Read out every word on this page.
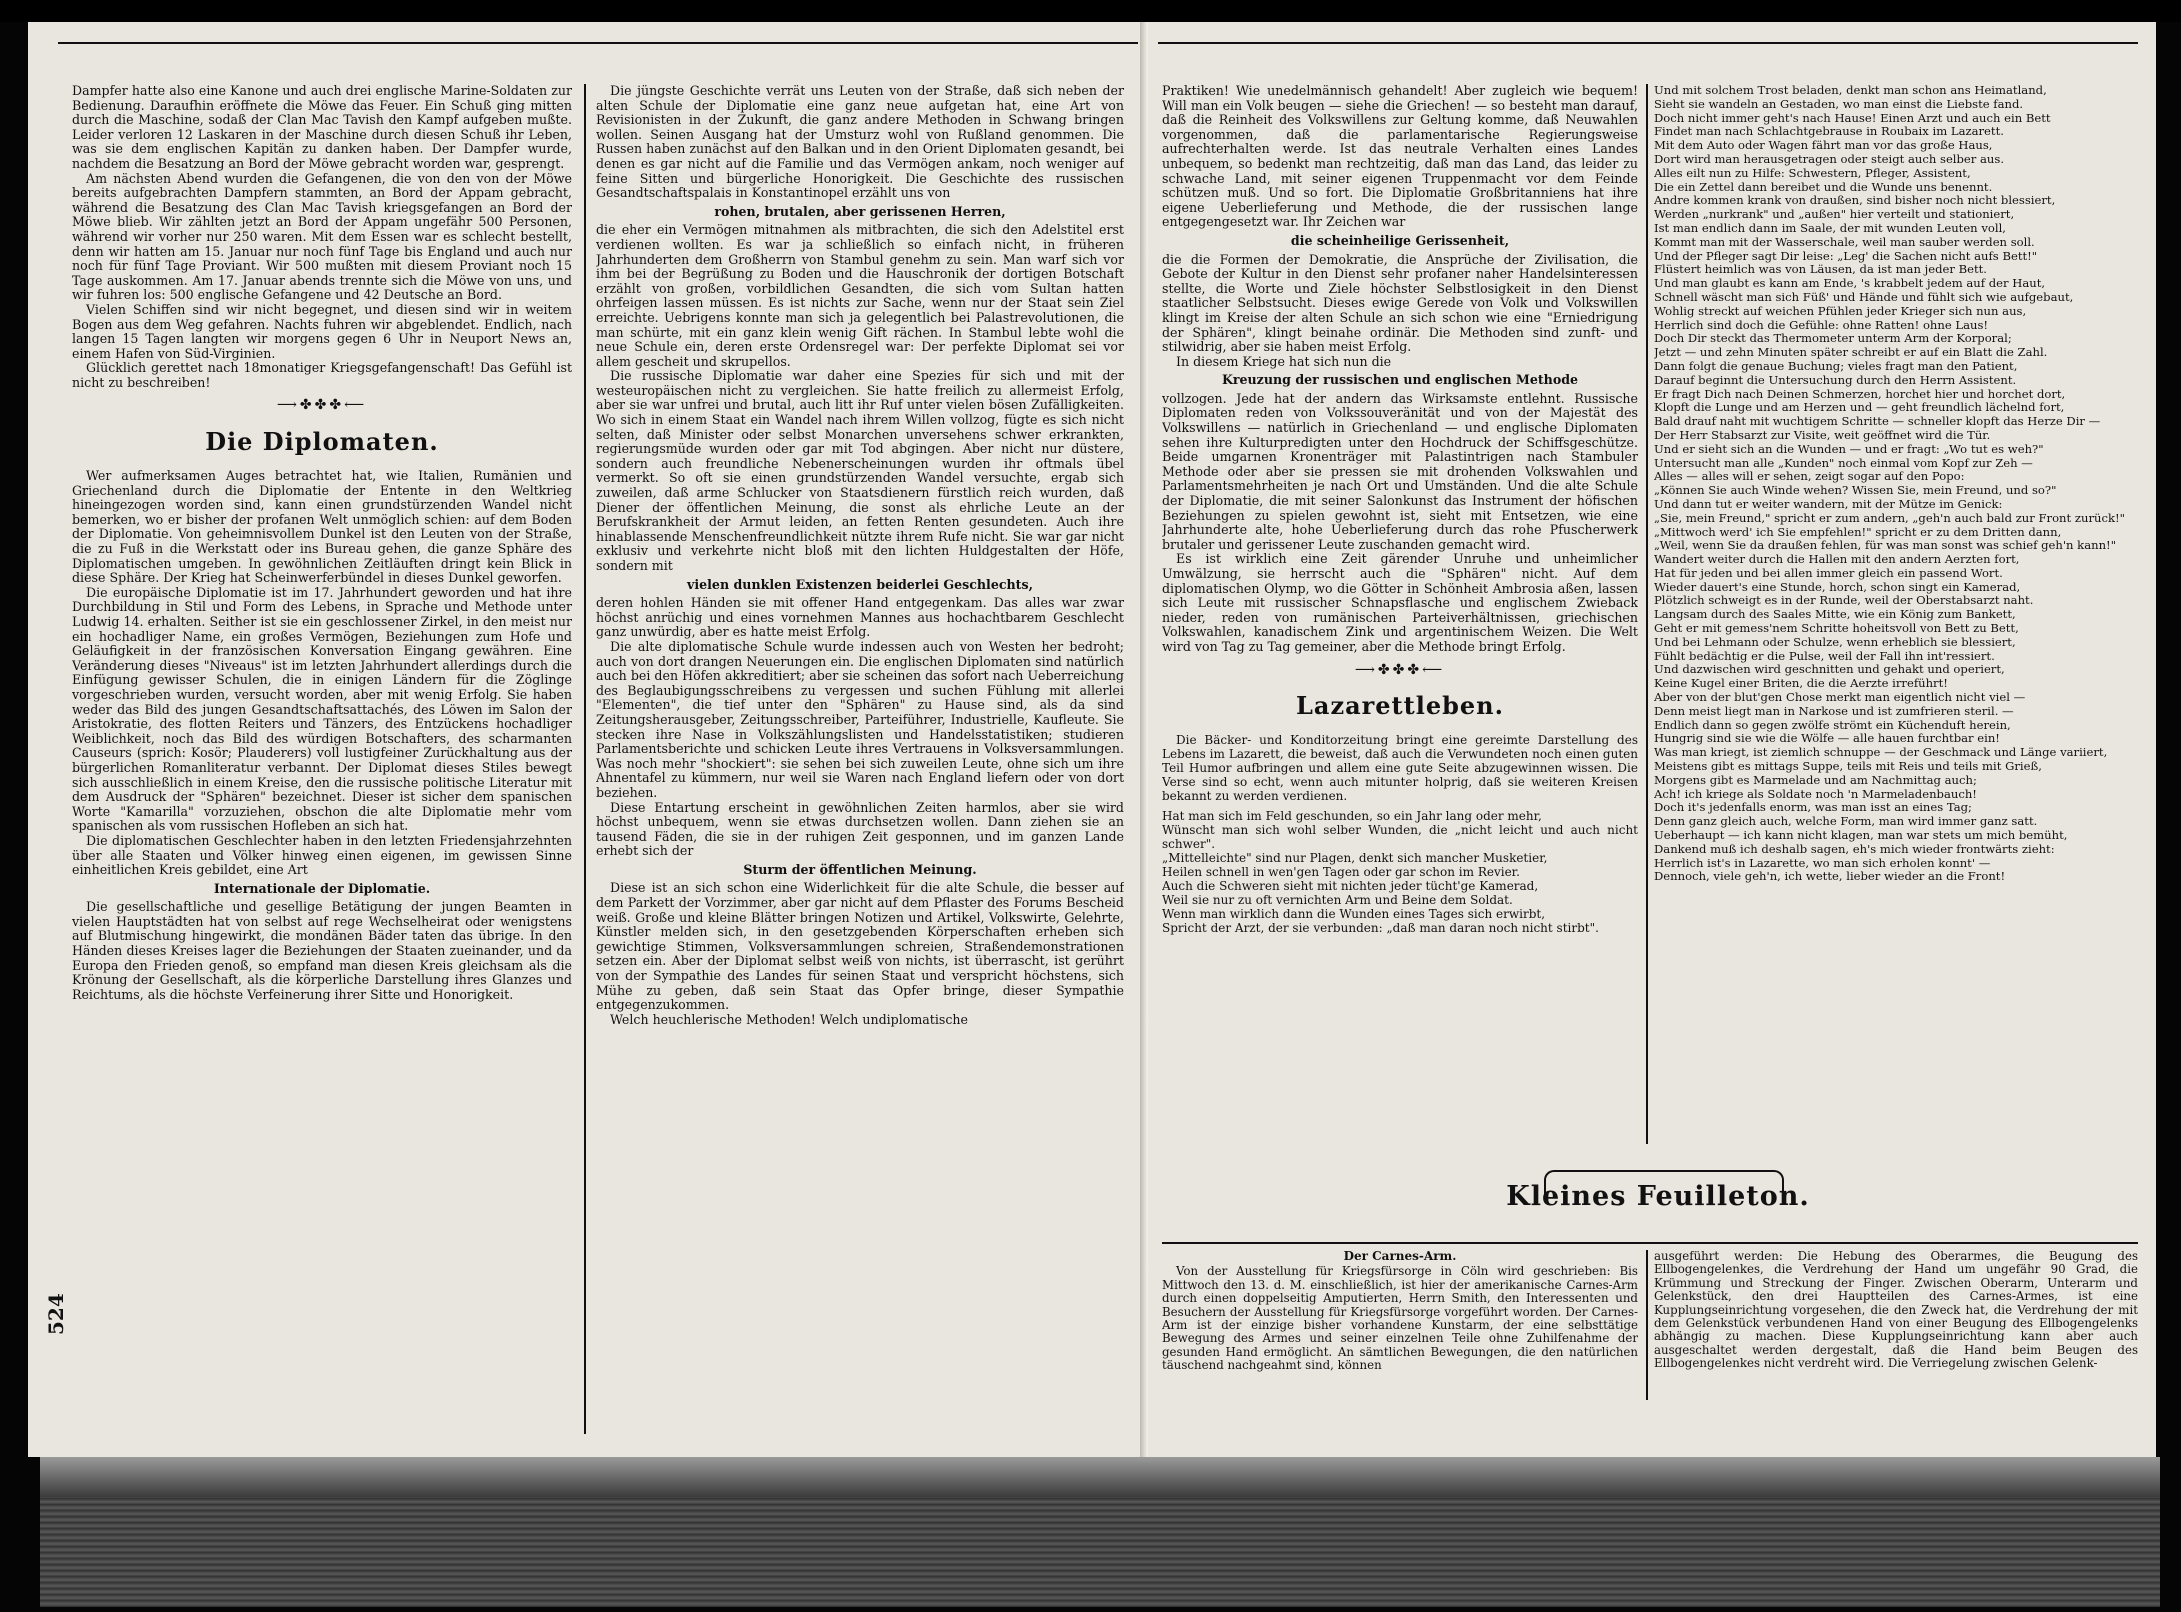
Dampfer hatte also eine Kanone und auch drei englische Marine-Soldaten zur Bedienung. Daraufhin eröffnete die Möwe das Feuer. Ein Schuß ging mitten durch die Maschine, sodaß der Clan Mac Tavish den Kampf aufgeben mußte. Leider verloren 12 Laskaren in der Maschine durch diesen Schuß ihr Leben, was sie dem englischen Kapitän zu danken haben. Der Dampfer wurde, nachdem die Besatzung an Bord der Möwe gebracht worden war, gesprengt.

Am nächsten Abend wurden die Gefangenen, die von den von der Möwe bereits aufgebrachten Dampfern stammten, an Bord der Appam gebracht, während die Besatzung des Clan Mac Tavish kriegsgefangen an Bord der Möwe blieb. Wir zählten jetzt an Bord der Appam ungefähr 500 Personen, während wir vorher nur 250 waren. Mit dem Essen war es schlecht bestellt, denn wir hatten am 15. Januar nur noch fünf Tage bis England und auch nur noch für fünf Tage Proviant. Wir 500 mußten mit diesem Proviant noch 15 Tage auskommen. Am 17. Januar abends trennte sich die Möwe von uns, und wir fuhren los: 500 englische Gefangene und 42 Deutsche an Bord.

Vielen Schiffen sind wir nicht begegnet, und diesen sind wir in weitem Bogen aus dem Weg gefahren. Nachts fuhren wir abgeblendet. Endlich, nach langen 15 Tagen langten wir morgens gegen 6 Uhr in Neuport News an, einem Hafen von Süd-Virginien.

Glücklich gerettet nach 18monatiger Kriegsgefangenschaft! Das Gefühl ist nicht zu beschreiben!

⟶✤✤✤⟵
Die Diplomaten.

Wer aufmerksamen Auges betrachtet hat, wie Italien, Rumänien und Griechenland durch die Diplomatie der Entente in den Weltkrieg hineingezogen worden sind, kann einen grundstürzenden Wandel nicht bemerken, wo er bisher der profanen Welt unmöglich schien: auf dem Boden der Diplomatie. Von geheimnisvollem Dunkel ist den Leuten von der Straße, die zu Fuß in die Werkstatt oder ins Bureau gehen, die ganze Sphäre des Diplomatischen umgeben. In gewöhnlichen Zeitläuften dringt kein Blick in diese Sphäre. Der Krieg hat Scheinwerferbündel in dieses Dunkel geworfen.

Die europäische Diplomatie ist im 17. Jahrhundert geworden und hat ihre Durchbildung in Stil und Form des Lebens, in Sprache und Methode unter Ludwig 14. erhalten. Seither ist sie ein geschlossener Zirkel, in den meist nur ein hochadliger Name, ein großes Vermögen, Beziehungen zum Hofe und Geläufigkeit in der französischen Konversation Eingang gewähren. Eine Veränderung dieses "Niveaus" ist im letzten Jahrhundert allerdings durch die Einfügung gewisser Schulen, die in einigen Ländern für die Zöglinge vorgeschrieben wurden, versucht worden, aber mit wenig Erfolg. Sie haben weder das Bild des jungen Gesandtschaftsattachés, des Löwen im Salon der Aristokratie, des flotten Reiters und Tänzers, des Entzückens hochadliger Weiblichkeit, noch das Bild des würdigen Botschafters, des scharmanten Causeurs (sprich: Kosör; Plauderers) voll lustigfeiner Zurückhaltung aus der bürgerlichen Romanliteratur verbannt. Der Diplomat dieses Stiles bewegt sich ausschließlich in einem Kreise, den die russische politische Literatur mit dem Ausdruck der "Sphären" bezeichnet. Dieser ist sicher dem spanischen Worte "Kamarilla" vorzuziehen, obschon die alte Diplomatie mehr vom spanischen als vom russischen Hofleben an sich hat.

Die diplomatischen Geschlechter haben in den letzten Friedensjahrzehnten über alle Staaten und Völker hinweg einen eigenen, im gewissen Sinne einheitlichen Kreis gebildet, eine Art

Internationale der Diplomatie.

Die gesellschaftliche und gesellige Betätigung der jungen Beamten in vielen Hauptstädten hat von selbst auf rege Wechselheirat oder wenigstens auf Blutmischung hingewirkt, die mondänen Bäder taten das übrige. In den Händen dieses Kreises lager die Beziehungen der Staaten zueinander, und da Europa den Frieden genoß, so empfand man diesen Kreis gleichsam als die Krönung der Gesellschaft, als die körperliche Darstellung ihres Glanzes und Reichtums, als die höchste Verfeinerung ihrer Sitte und Honorigkeit.

Die jüngste Geschichte verrät uns Leuten von der Straße, daß sich neben der alten Schule der Diplomatie eine ganz neue aufgetan hat, eine Art von Revisionisten in der Zukunft, die ganz andere Methoden in Schwang bringen wollen. Seinen Ausgang hat der Umsturz wohl von Rußland genommen. Die Russen haben zunächst auf den Balkan und in den Orient Diplomaten gesandt, bei denen es gar nicht auf die Familie und das Vermögen ankam, noch weniger auf feine Sitten und bürgerliche Honorigkeit. Die Geschichte des russischen Gesandtschaftspalais in Konstantinopel erzählt uns von

rohen, brutalen, aber gerissenen Herren,

die eher ein Vermögen mitnahmen als mitbrachten, die sich den Adelstitel erst verdienen wollten. Es war ja schließlich so einfach nicht, in früheren Jahrhunderten dem Großherrn von Stambul genehm zu sein. Man warf sich vor ihm bei der Begrüßung zu Boden und die Hauschronik der dortigen Botschaft erzählt von großen, vorbildlichen Gesandten, die sich vom Sultan hatten ohrfeigen lassen müssen. Es ist nichts zur Sache, wenn nur der Staat sein Ziel erreichte. Uebrigens konnte man sich ja gelegentlich bei Palastrevolutionen, die man schürte, mit ein ganz klein wenig Gift rächen. In Stambul lebte wohl die neue Schule ein, deren erste Ordensregel war: Der perfekte Diplomat sei vor allem gescheit und skrupellos.

Die russische Diplomatie war daher eine Spezies für sich und mit der westeuropäischen nicht zu vergleichen. Sie hatte freilich zu allermeist Erfolg, aber sie war unfrei und brutal, auch litt ihr Ruf unter vielen bösen Zufälligkeiten. Wo sich in einem Staat ein Wandel nach ihrem Willen vollzog, fügte es sich nicht selten, daß Minister oder selbst Monarchen unversehens schwer erkrankten, regierungsmüde wurden oder gar mit Tod abgingen. Aber nicht nur düstere, sondern auch freundliche Nebenerscheinungen wurden ihr oftmals übel vermerkt. So oft sie einen grundstürzenden Wandel versuchte, ergab sich zuweilen, daß arme Schlucker von Staatsdienern fürstlich reich wurden, daß Diener der öffentlichen Meinung, die sonst als ehrliche Leute an der Berufskrankheit der Armut leiden, an fetten Renten gesundeten. Auch ihre hinablassende Menschenfreundlichkeit nützte ihrem Rufe nicht. Sie war gar nicht exklusiv und verkehrte nicht bloß mit den lichten Huldgestalten der Höfe, sondern mit

vielen dunklen Existenzen beiderlei Geschlechts,

deren hohlen Händen sie mit offener Hand entgegenkam. Das alles war zwar höchst anrüchig und eines vornehmen Mannes aus hochachtbarem Geschlecht ganz unwürdig, aber es hatte meist Erfolg.

Die alte diplomatische Schule wurde indessen auch von Westen her bedroht; auch von dort drangen Neuerungen ein. Die englischen Diplomaten sind natürlich auch bei den Höfen akkreditiert; aber sie scheinen das sofort nach Ueberreichung des Beglaubigungsschreibens zu vergessen und suchen Fühlung mit allerlei "Elementen", die tief unter den "Sphären" zu Hause sind, als da sind Zeitungsherausgeber, Zeitungsschreiber, Parteiführer, Industrielle, Kaufleute. Sie stecken ihre Nase in Volkszählungslisten und Handelsstatistiken; studieren Parlamentsberichte und schicken Leute ihres Vertrauens in Volksversammlungen. Was noch mehr "shockiert": sie sehen bei sich zuweilen Leute, ohne sich um ihre Ahnentafel zu kümmern, nur weil sie Waren nach England liefern oder von dort beziehen.

Diese Entartung erscheint in gewöhnlichen Zeiten harmlos, aber sie wird höchst unbequem, wenn sie etwas durchsetzen wollen. Dann ziehen sie an tausend Fäden, die sie in der ruhigen Zeit gesponnen, und im ganzen Lande erhebt sich der

Sturm der öffentlichen Meinung.

Diese ist an sich schon eine Widerlichkeit für die alte Schule, die besser auf dem Parkett der Vorzimmer, aber gar nicht auf dem Pflaster des Forums Bescheid weiß. Große und kleine Blätter bringen Notizen und Artikel, Volkswirte, Gelehrte, Künstler melden sich, in den gesetzgebenden Körperschaften erheben sich gewichtige Stimmen, Volksversammlungen schreien, Straßendemonstrationen setzen ein. Aber der Diplomat selbst weiß von nichts, ist überrascht, ist gerührt von der Sympathie des Landes für seinen Staat und verspricht höchstens, sich Mühe zu geben, daß sein Staat das Opfer bringe, dieser Sympathie entgegenzukommen.

Welch heuchlerische Methoden! Welch undiplomatische

Praktiken! Wie unedelmännisch gehandelt! Aber zugleich wie bequem! Will man ein Volk beugen — siehe die Griechen! — so besteht man darauf, daß die Reinheit des Volkswillens zur Geltung komme, daß Neuwahlen vorgenommen, daß die parlamentarische Regierungsweise aufrechterhalten werde. Ist das neutrale Verhalten eines Landes unbequem, so bedenkt man rechtzeitig, daß man das Land, das leider zu schwache Land, mit seiner eigenen Truppenmacht vor dem Feinde schützen muß. Und so fort. Die Diplomatie Großbritanniens hat ihre eigene Ueberlieferung und Methode, die der russischen lange entgegengesetzt war. Ihr Zeichen war

die scheinheilige Gerissenheit,

die die Formen der Demokratie, die Ansprüche der Zivilisation, die Gebote der Kultur in den Dienst sehr profaner naher Handelsinteressen stellte, die Worte und Ziele höchster Selbstlosigkeit in den Dienst staatlicher Selbstsucht. Dieses ewige Gerede von Volk und Volkswillen klingt im Kreise der alten Schule an sich schon wie eine "Erniedrigung der Sphären", klingt beinahe ordinär. Die Methoden sind zunft- und stilwidrig, aber sie haben meist Erfolg.

In diesem Kriege hat sich nun die

Kreuzung der russischen und englischen Methode

vollzogen. Jede hat der andern das Wirksamste entlehnt. Russische Diplomaten reden von Volkssouveränität und von der Majestät des Volkswillens — natürlich in Griechenland — und englische Diplomaten sehen ihre Kulturpredigten unter den Hochdruck der Schiffsgeschütze. Beide umgarnen Kronenträger mit Palastintrigen nach Stambuler Methode oder aber sie pressen sie mit drohenden Volkswahlen und Parlamentsmehrheiten je nach Ort und Umständen. Und die alte Schule der Diplomatie, die mit seiner Salonkunst das Instrument der höfischen Beziehungen zu spielen gewohnt ist, sieht mit Entsetzen, wie eine Jahrhunderte alte, hohe Ueberlieferung durch das rohe Pfuscherwerk brutaler und gerissener Leute zuschanden gemacht wird.

Es ist wirklich eine Zeit gärender Unruhe und unheimlicher Umwälzung, sie herrscht auch die "Sphären" nicht. Auf dem diplomatischen Olymp, wo die Götter in Schönheit Ambrosia aßen, lassen sich Leute mit russischer Schnapsflasche und englischem Zwieback nieder, reden von rumänischen Parteiverhältnissen, griechischen Volkswahlen, kanadischem Zink und argentinischem Weizen. Die Welt wird von Tag zu Tag gemeiner, aber die Methode bringt Erfolg.

⟶✤✤✤⟵
Lazarettleben.

Die Bäcker- und Konditorzeitung bringt eine gereimte Darstellung des Lebens im Lazarett, die beweist, daß auch die Verwundeten noch einen guten Teil Humor aufbringen und allem eine gute Seite abzugewinnen wissen. Die Verse sind so echt, wenn auch mitunter holprig, daß sie weiteren Kreisen bekannt zu werden verdienen.

Hat man sich im Feld geschunden, so ein Jahr lang oder mehr,
Wünscht man sich wohl selber Wunden, die „nicht leicht und auch nicht schwer".
„Mittelleichte" sind nur Plagen, denkt sich mancher Musketier,
Heilen schnell in wen'gen Tagen oder gar schon im Revier.
Auch die Schweren sieht mit nichten jeder tücht'ge Kamerad,
Weil sie nur zu oft vernichten Arm und Beine dem Soldat.
Wenn man wirklich dann die Wunden eines Tages sich erwirbt,
Spricht der Arzt, der sie verbunden: „daß man daran noch nicht stirbt".
Und mit solchem Trost beladen, denkt man schon ans Heimatland,
Sieht sie wandeln an Gestaden, wo man einst die Liebste fand.
Doch nicht immer geht's nach Hause! Einen Arzt und auch ein Bett
Findet man nach Schlachtgebrause in Roubaix im Lazarett.
Mit dem Auto oder Wagen fährt man vor das große Haus,
Dort wird man herausgetragen oder steigt auch selber aus.
Alles eilt nun zu Hilfe: Schwestern, Pfleger, Assistent,
Die ein Zettel dann bereibet und die Wunde uns benennt.
Andre kommen krank von draußen, sind bisher noch nicht blessiert,
Werden „nurkrank" und „außen" hier verteilt und stationiert,
Ist man endlich dann im Saale, der mit wunden Leuten voll,
Kommt man mit der Wasserschale, weil man sauber werden soll.
Und der Pfleger sagt Dir leise: „Leg' die Sachen nicht aufs Bett!"
Flüstert heimlich was von Läusen, da ist man jeder Bett.
Und man glaubt es kann am Ende, 's krabbelt jedem auf der Haut,
Schnell wäscht man sich Füß' und Hände und fühlt sich wie aufgebaut,
Wohlig streckt auf weichen Pfühlen jeder Krieger sich nun aus,
Herrlich sind doch die Gefühle: ohne Ratten! ohne Laus!
Doch Dir steckt das Thermometer unterm Arm der Korporal;
Jetzt — und zehn Minuten später schreibt er auf ein Blatt die Zahl.
Dann folgt die genaue Buchung; vieles fragt man den Patient,
Darauf beginnt die Untersuchung durch den Herrn Assistent.
Er fragt Dich nach Deinen Schmerzen, horchet hier und horchet dort,
Klopft die Lunge und am Herzen und — geht freundlich lächelnd fort,
Bald drauf naht mit wuchtigem Schritte — schneller klopft das Herze Dir —
Der Herr Stabsarzt zur Visite, weit geöffnet wird die Tür.
Und er sieht sich an die Wunden — und er fragt: „Wo tut es weh?"
Untersucht man alle „Kunden" noch einmal vom Kopf zur Zeh —
Alles — alles will er sehen, zeigt sogar auf den Popo:
„Können Sie auch Winde wehen? Wissen Sie, mein Freund, und so?"
Und dann tut er weiter wandern, mit der Mütze im Genick:
„Sie, mein Freund," spricht er zum andern, „geh'n auch bald zur Front zurück!"
„Mittwoch werd' ich Sie empfehlen!" spricht er zu dem Dritten dann,
„Weil, wenn Sie da draußen fehlen, für was man sonst was schief geh'n kann!"
Wandert weiter durch die Hallen mit den andern Aerzten fort,
Hat für jeden und bei allen immer gleich ein passend Wort.
Wieder dauert's eine Stunde, horch, schon singt ein Kamerad,
Plötzlich schweigt es in der Runde, weil der Oberstabsarzt naht.
Langsam durch des Saales Mitte, wie ein König zum Bankett,
Geht er mit gemess'nem Schritte hoheitsvoll von Bett zu Bett,
Und bei Lehmann oder Schulze, wenn erheblich sie blessiert,
Fühlt bedächtig er die Pulse, weil der Fall ihn int'ressiert.
Und dazwischen wird geschnitten und gehakt und operiert,
Keine Kugel einer Briten, die die Aerzte irreführt!
Aber von der blut'gen Chose merkt man eigentlich nicht viel —
Denn meist liegt man in Narkose und ist zumfrieren steril. —
Endlich dann so gegen zwölfe strömt ein Küchenduft herein,
Hungrig sind sie wie die Wölfe — alle hauen furchtbar ein!
Was man kriegt, ist ziemlich schnuppe — der Geschmack und Länge variiert,
Meistens gibt es mittags Suppe, teils mit Reis und teils mit Grieß,
Morgens gibt es Marmelade und am Nachmittag auch;
Ach! ich kriege als Soldate noch 'n Marmeladenbauch!
Doch it's jedenfalls enorm, was man isst an eines Tag;
Denn ganz gleich auch, welche Form, man wird immer ganz satt.
Ueberhaupt — ich kann nicht klagen, man war stets um mich bemüht,
Dankend muß ich deshalb sagen, eh's mich wieder frontwärts zieht:
Herrlich ist's in Lazarette, wo man sich erholen konnt' —
Dennoch, viele geh'n, ich wette, lieber wieder an die Front!
Kleines Feuilleton.
Der Carnes-Arm.

Von der Ausstellung für Kriegsfürsorge in Cöln wird geschrieben: Bis Mittwoch den 13. d. M. einschließlich, ist hier der amerikanische Carnes-Arm durch einen doppelseitig Amputierten, Herrn Smith, den Interessenten und Besuchern der Ausstellung für Kriegsfürsorge vorgeführt worden. Der Carnes-Arm ist der einzige bisher vorhandene Kunstarm, der eine selbsttätige Bewegung des Armes und seiner einzelnen Teile ohne Zuhilfenahme der gesunden Hand ermöglicht. An sämtlichen Bewegungen, die den natürlichen täuschend nachgeahmt sind, können

ausgeführt werden: Die Hebung des Oberarmes, die Beugung des Ellbogengelenkes, die Verdrehung der Hand um ungefähr 90 Grad, die Krümmung und Streckung der Finger. Zwischen Oberarm, Unterarm und Gelenkstück, den drei Hauptteilen des Carnes-Armes, ist eine Kupplungseinrichtung vorgesehen, die den Zweck hat, die Verdrehung der mit dem Gelenkstück verbundenen Hand von einer Beugung des Ellbogengelenks abhängig zu machen. Diese Kupplungseinrichtung kann aber auch ausgeschaltet werden dergestalt, daß die Hand beim Beugen des Ellbogengelenkes nicht verdreht wird. Die Verriegelung zwischen Gelenk-

524
